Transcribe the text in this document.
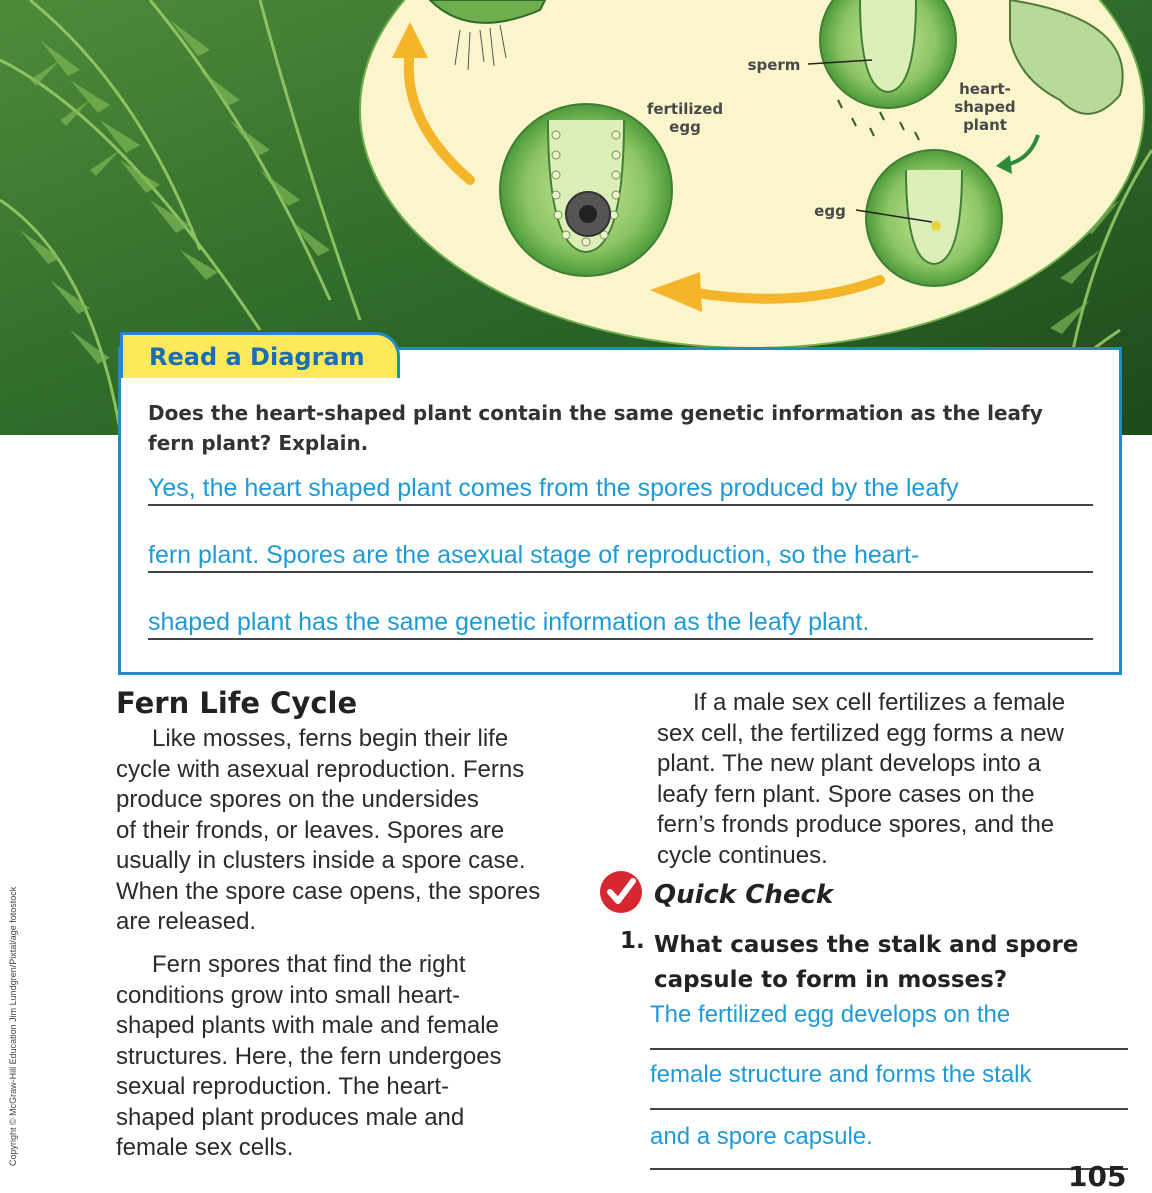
sperm
fertilized egg
heart-shaped plant
egg
Read a Diagram
Does the heart-shaped plant contain the same genetic information as the leafy
fern plant? Explain.
Yes, the heart shaped plant comes from the spores produced by the leafy
fern plant. Spores are the asexual stage of reproduction, so the heart-
shaped plant has the same genetic information as the leafy plant.
Fern Life Cycle
Like mosses, ferns begin their life
cycle with asexual reproduction. Ferns
produce spores on the undersides
of their fronds, or leaves. Spores are
usually in clusters inside a spore case.
When the spore case opens, the spores
are released.
Fern spores that find the right
conditions grow into small heart-
shaped plants with male and female
structures. Here, the fern undergoes
sexual reproduction. The heart-
shaped plant produces male and
female sex cells.
If a male sex cell fertilizes a female
sex cell, the fertilized egg forms a new
plant. The new plant develops into a
leafy fern plant. Spore cases on the
fern’s fronds produce spores, and the
cycle continues.
Quick Check
1. What causes the stalk and spore
capsule to form in mosses?
The fertilized egg develops on the
female structure and forms the stalk
and a spore capsule.
Copyright © McGraw-Hill Education Jim Lundgren/Pixtal/age fotostock
105
